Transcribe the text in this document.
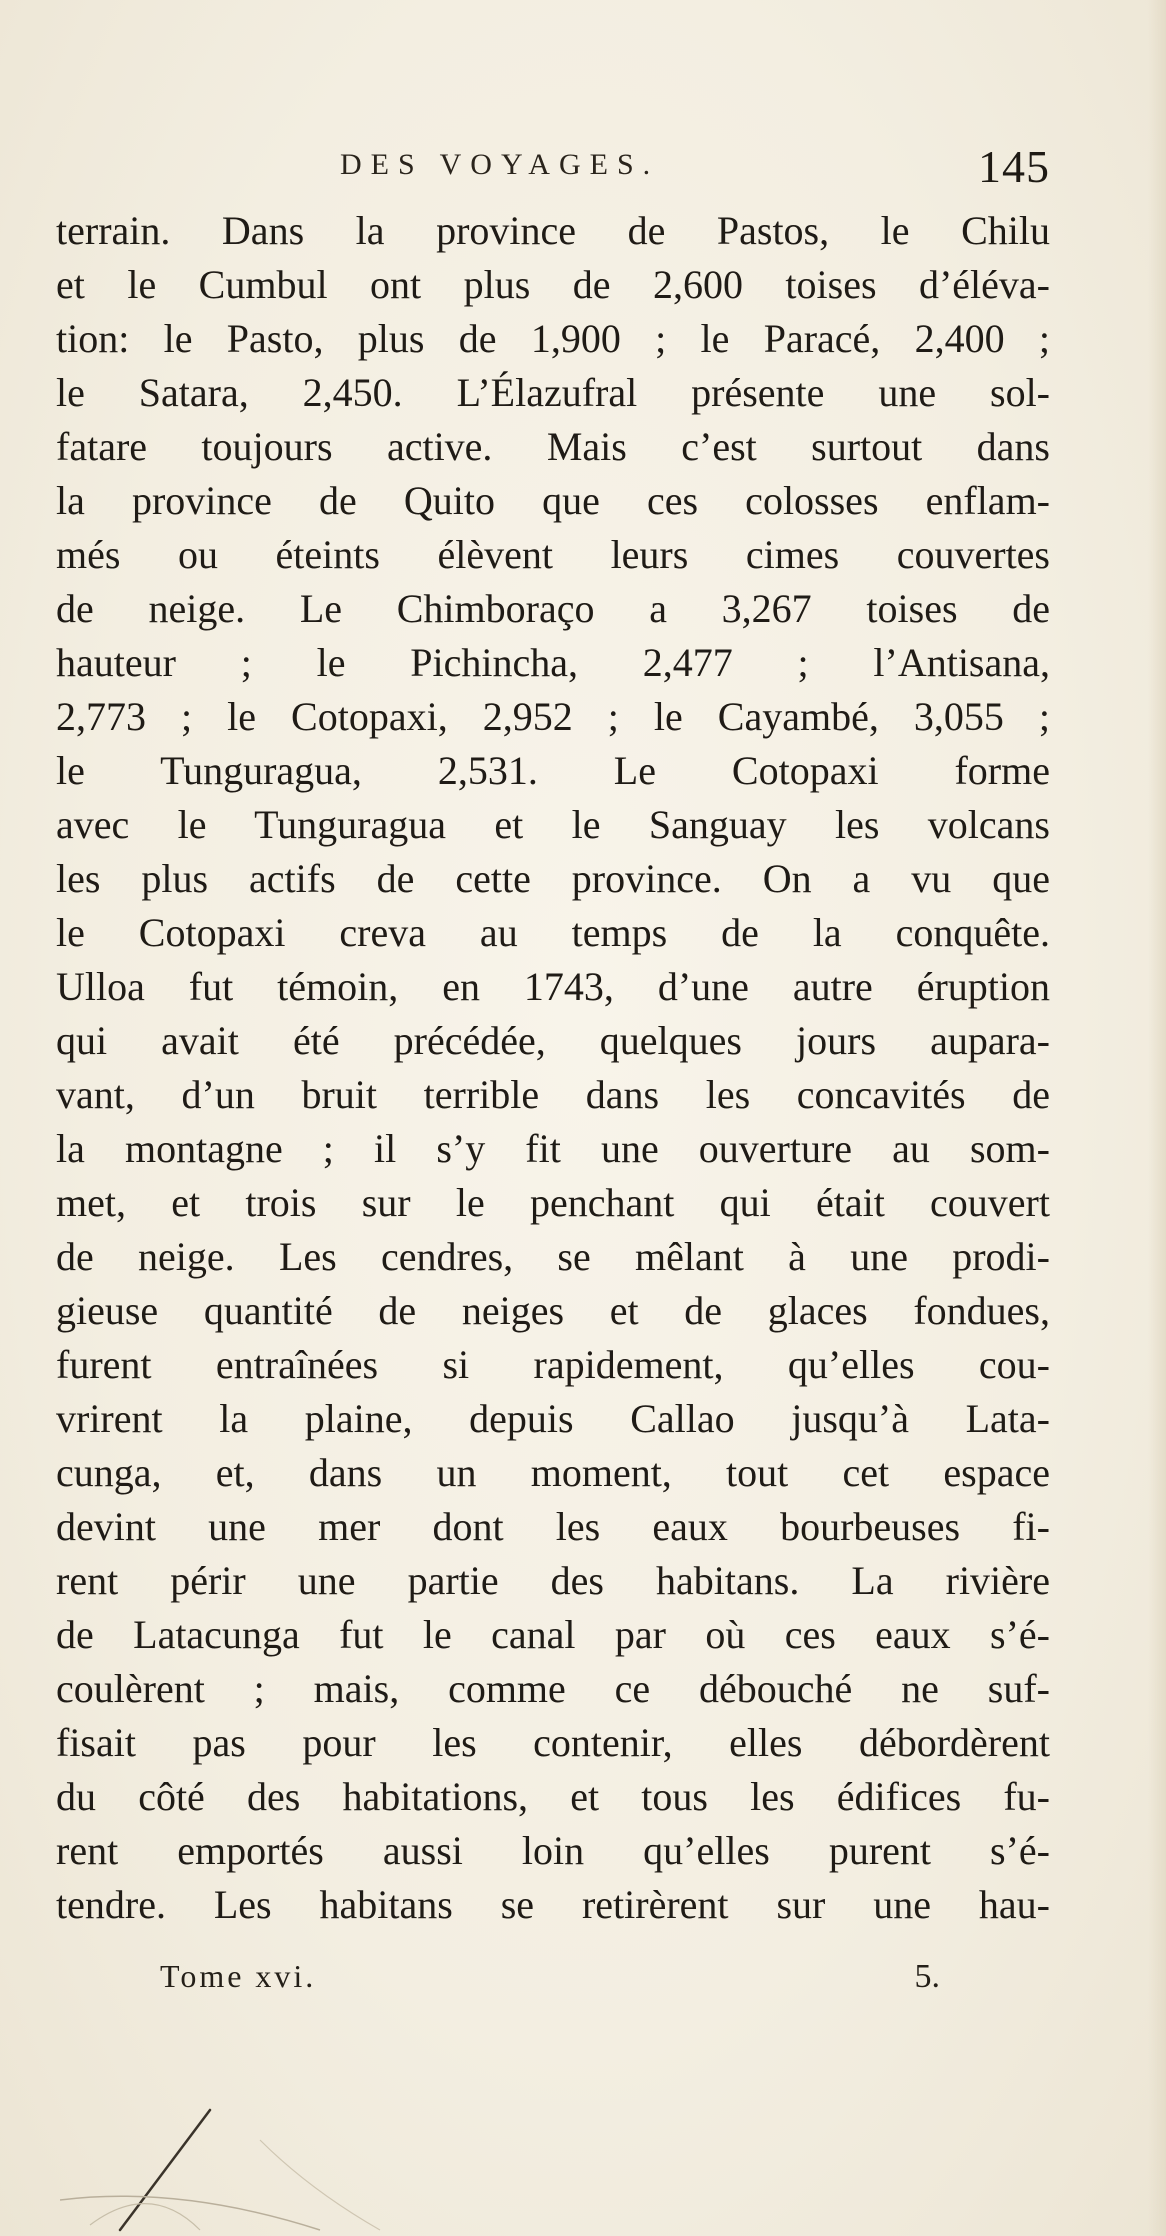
DES VOYAGES.	145
terrain. Dans la province de Pastos, le Chilu
et le Cumbul ont plus de 2,600 toises d’éléva-
tion: le Pasto, plus de 1,900 ; le Paracé, 2,400 ;
le Satara, 2,450. L’Élazufral présente une sol-
fatare toujours active. Mais c’est surtout dans
la province de Quito que ces colosses enflam-
més ou éteints élèvent leurs cimes couvertes
de neige. Le Chimboraço a 3,267 toises de
hauteur ; le Pichincha, 2,477 ; l’Antisana,
2,773 ; le Cotopaxi, 2,952 ; le Cayambé, 3,055 ;
le Tunguragua, 2,531. Le Cotopaxi forme
avec le Tunguragua et le Sanguay les volcans
les plus actifs de cette province. On a vu que
le Cotopaxi creva au temps de la conquête.
Ulloa fut témoin, en 1743, d’une autre éruption
qui avait été précédée, quelques jours aupara-
vant, d’un bruit terrible dans les concavités de
la montagne ; il s’y fit une ouverture au som-
met, et trois sur le penchant qui était couvert
de neige. Les cendres, se mêlant à une prodi-
gieuse quantité de neiges et de glaces fondues,
furent entraînées si rapidement, qu’elles cou-
vrirent la plaine, depuis Callao jusqu’à Lata-
cunga, et, dans un moment, tout cet espace
devint une mer dont les eaux bourbeuses fi-
rent périr une partie des habitans. La rivière
de Latacunga fut le canal par où ces eaux s’é-
coulèrent ; mais, comme ce débouché ne suf-
fisait pas pour les contenir, elles débordèrent
du côté des habitations, et tous les édifices fu-
rent emportés aussi loin qu’elles purent s’é-
tendre. Les habitans se retirèrent sur une hau-
Tome xvi.	5.
